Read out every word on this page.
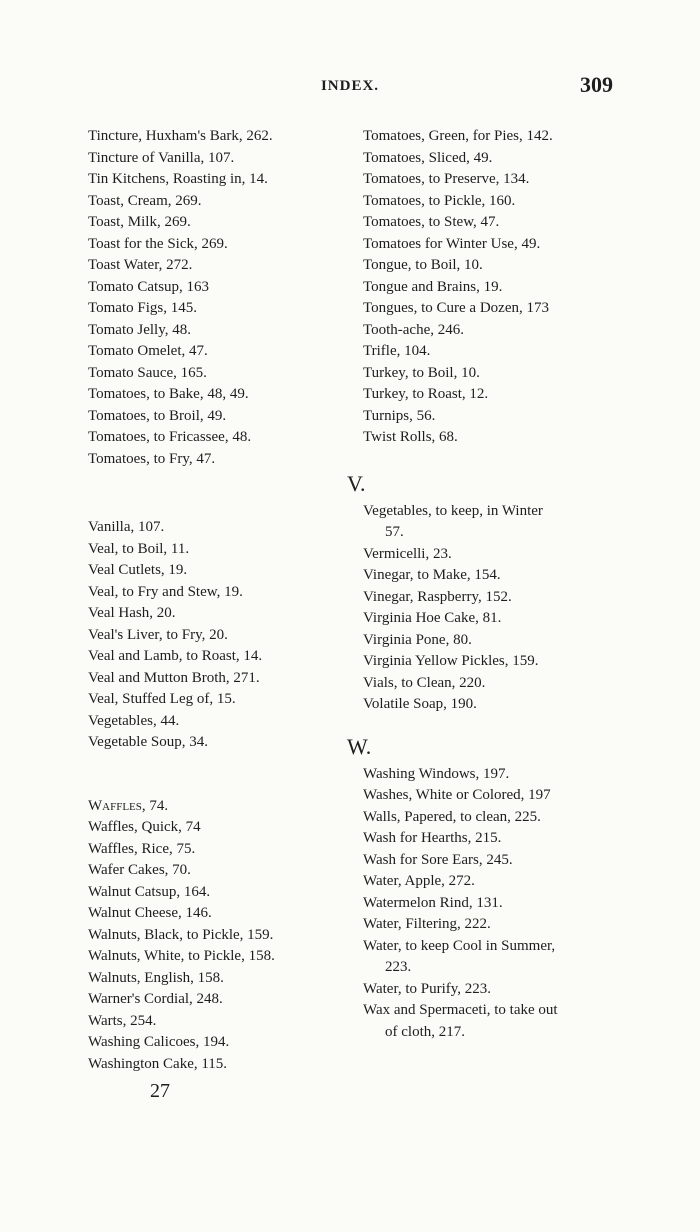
INDEX.	309
Tincture, Huxham's Bark, 262.
Tincture of Vanilla, 107.
Tin Kitchens, Roasting in, 14.
Toast, Cream, 269.
Toast, Milk, 269.
Toast for the Sick, 269.
Toast Water, 272.
Tomato Catsup, 163
Tomato Figs, 145.
Tomato Jelly, 48.
Tomato Omelet, 47.
Tomato Sauce, 165.
Tomatoes, to Bake, 48, 49.
Tomatoes, to Broil, 49.
Tomatoes, to Fricassee, 48.
Tomatoes, to Fry, 47.
Vanilla, 107.
Veal, to Boil, 11.
Veal Cutlets, 19.
Veal, to Fry and Stew, 19.
Veal Hash, 20.
Veal's Liver, to Fry, 20.
Veal and Lamb, to Roast, 14.
Veal and Mutton Broth, 271.
Veal, Stuffed Leg of, 15.
Vegetables, 44.
Vegetable Soup, 34.
Waffles, 74.
Waffles, Quick, 74
Waffles, Rice, 75.
Wafer Cakes, 70.
Walnut Catsup, 164.
Walnut Cheese, 146.
Walnuts, Black, to Pickle, 159.
Walnuts, White, to Pickle, 158.
Walnuts, English, 158.
Warner's Cordial, 248.
Warts, 254.
Washing Calicoes, 194.
Washington Cake, 115.
Tomatoes, Green, for Pies, 142.
Tomatoes, Sliced, 49.
Tomatoes, to Preserve, 134.
Tomatoes, to Pickle, 160.
Tomatoes, to Stew, 47.
Tomatoes for Winter Use, 49.
Tongue, to Boil, 10.
Tongue and Brains, 19.
Tongues, to Cure a Dozen, 173
Tooth-ache, 246.
Trifle, 104.
Turkey, to Boil, 10.
Turkey, to Roast, 12.
Turnips, 56.
Twist Rolls, 68.
V.
Vegetables, to keep, in Winter
57.
Vermicelli, 23.
Vinegar, to Make, 154.
Vinegar, Raspberry, 152.
Virginia Hoe Cake, 81.
Virginia Pone, 80.
Virginia Yellow Pickles, 159.
Vials, to Clean, 220.
Volatile Soap, 190.
W.
Washing Windows, 197.
Washes, White or Colored, 197
Walls, Papered, to clean, 225.
Wash for Hearths, 215.
Wash for Sore Ears, 245.
Water, Apple, 272.
Watermelon Rind, 131.
Water, Filtering, 222.
Water, to keep Cool in Summer,
223.
Water, to Purify, 223.
Wax and Spermaceti, to take out
of cloth, 217.
27
